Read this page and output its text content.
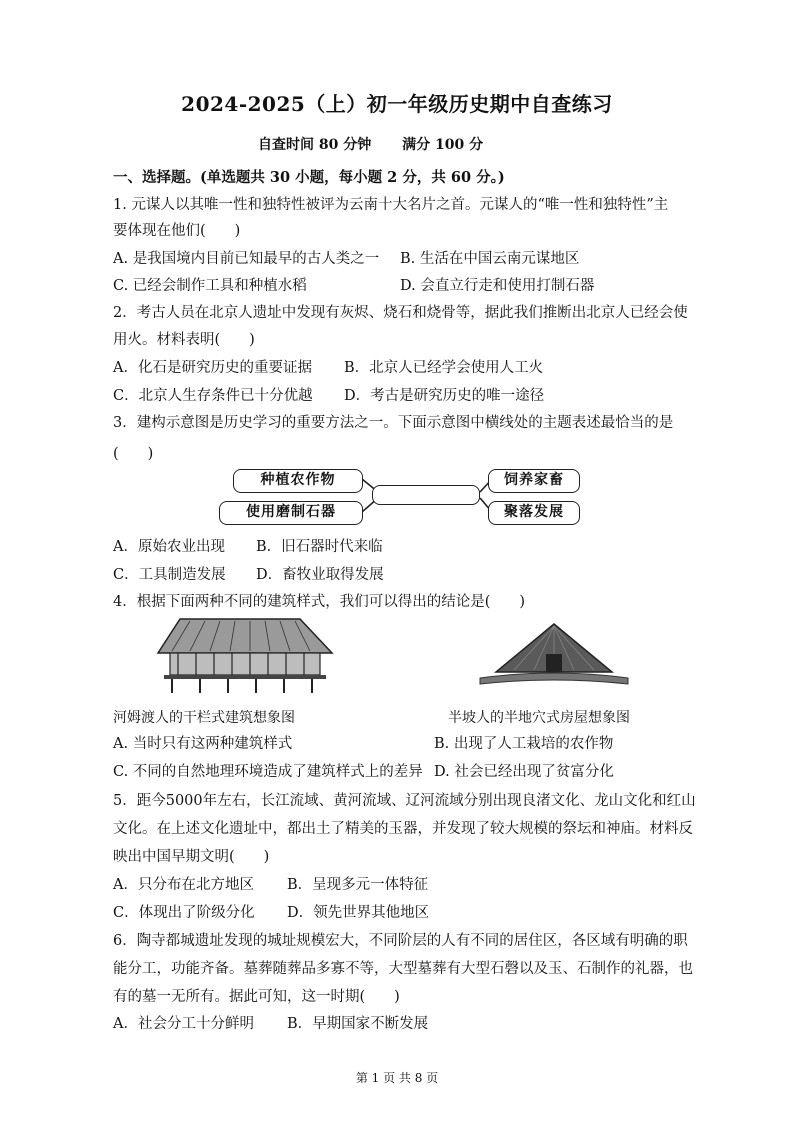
2024-2025（上）初一年级历史期中自查练习
自查时间 80 分钟 满分 100 分
一、选择题。(单选题共 30 小题，每小题 2 分，共 60 分。)
1. 元谋人以其唯一性和独特性被评为云南十大名片之首。元谋人的“唯一性和独特性”主
要体现在他们(　　)
A. 是我国境内目前已知最早的古人类之一 B. 生活在中国云南元谋地区
C. 已经会制作工具和种植水稻	D. 会直立行走和使用打制石器
2．考古人员在北京人遗址中发现有灰烬、烧石和烧骨等，据此我们推断出北京人已经会使
用火。材料表明(　　)
A．化石是研究历史的重要证据 B．北京人已经学会使用人工火
C．北京人生存条件已十分优越 D．考古是研究历史的唯一途径
3．建构示意图是历史学习的重要方法之一。下面示意图中横线处的主题表述最恰当的是
(　　)
种植农作物
使用磨制石器
饲养家畜
聚落发展
A．原始农业出现 B．旧石器时代来临
C．工具制造发展 D．畜牧业取得发展
4．根据下面两种不同的建筑样式，我们可以得出的结论是(　　)
河姆渡人的干栏式建筑想象图	半坡人的半地穴式房屋想象图
A. 当时只有这两种建筑样式	B. 出现了人工栽培的农作物
C. 不同的自然地理环境造成了建筑样式上的差异 D. 社会已经出现了贫富分化
5．距今5000年左右，长江流域、黄河流域、辽河流域分别出现良渚文化、龙山文化和红山
文化。在上述文化遗址中，都出土了精美的玉器，并发现了较大规模的祭坛和神庙。材料反
映出中国早期文明(　　)
A．只分布在北方地区 B．呈现多元一体特征
C．体现出了阶级分化 D．领先世界其他地区
6．陶寺都城遗址发现的城址规模宏大，不同阶层的人有不同的居住区，各区域有明确的职
能分工，功能齐备。墓葬随葬品多寡不等，大型墓葬有大型石磬以及玉、石制作的礼器，也
有的墓一无所有。据此可知，这一时期(　　)
A．社会分工十分鲜明 B．早期国家不断发展
第 1 页 共 8 页
